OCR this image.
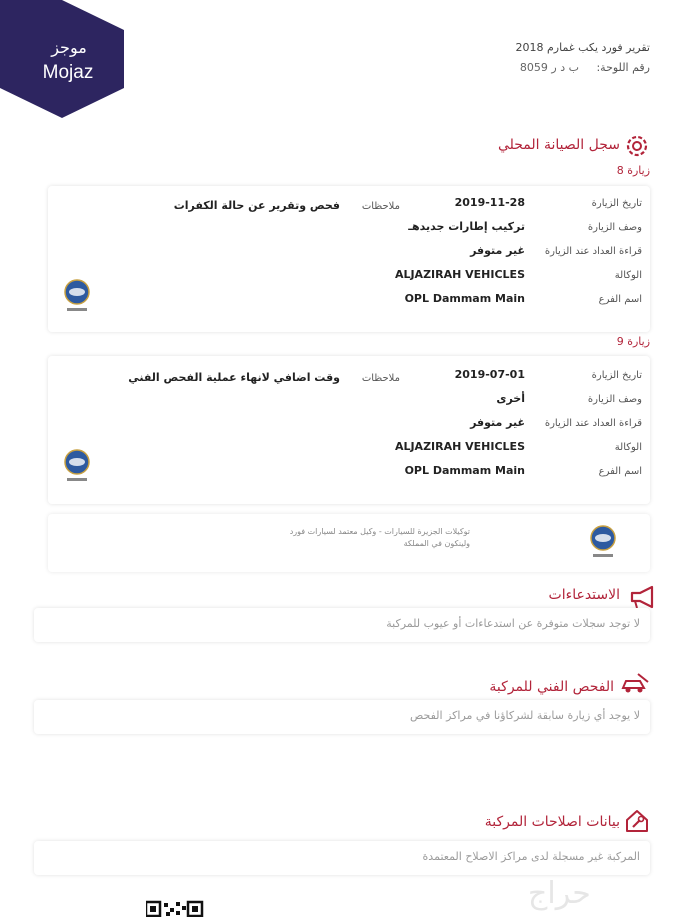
موجز
Mojaz
تقرير فورد يكب غمارم 2018
رقم اللوحة: ب د ر 8059
سجل الصيانة المحلي
زيارة 8
تاريخ الزيارة
2019-11-28
وصف الزيارة
تركيب إطارات جديدهـ
قراءة العداد عند الزيارة
غير متوفر
الوكالة
ALJAZIRAH VEHICLES
اسم الفرع
OPL Dammam Main
ملاحظات
فحص وتقرير عن حالة الكفرات
زيارة 9
تاريخ الزيارة
2019-07-01
وصف الزيارة
أخرى
قراءة العداد عند الزيارة
غير متوفر
الوكالة
ALJAZIRAH VEHICLES
اسم الفرع
OPL Dammam Main
ملاحظات
وقت اضافي لانهاء عملية الفحص الفني
توكيلات الجزيرة للسيارات - وكيل معتمد لسيارات فورد ولينكون في المملكة
الاستدعاءات
لا توجد سجلات متوفرة عن استدعاءات أو عيوب للمركبة
الفحص الفني للمركبة
لا يوجد أي زيارة سابقة لشركاؤنا في مراكز الفحص
بيانات اصلاحات المركبة
المركبة غير مسجلة لدى مراكز الاصلاح المعتمدة
حراج
